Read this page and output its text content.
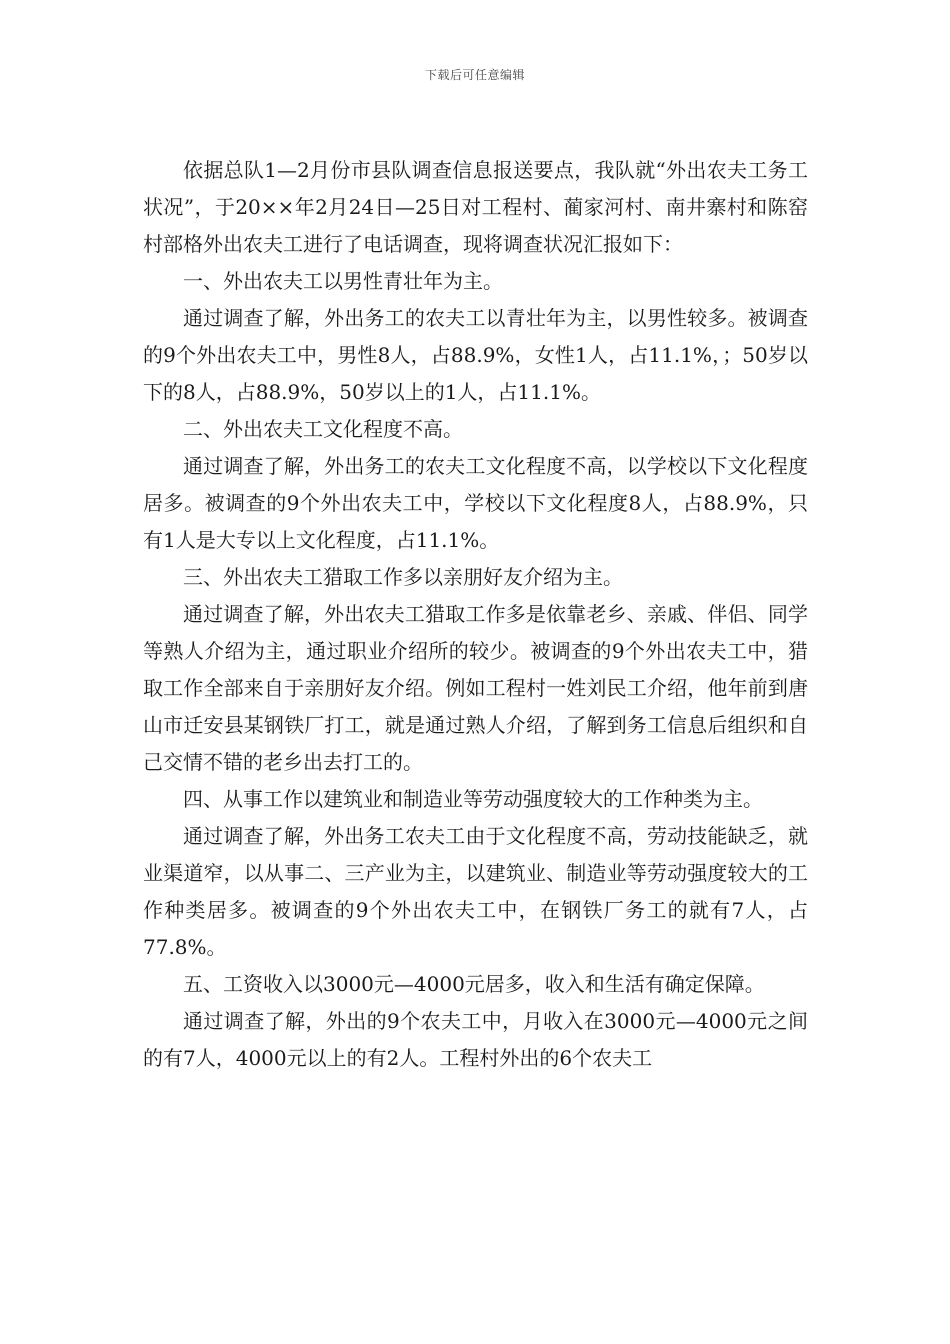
下载后可任意编辑

依据总队1—2月份市县队调查信息报送要点，我队就“外出农夫工务工状况”，于20××年2月24日—25日对工程村、蔺家河村、南井寨村和陈窑村部格外出农夫工进行了电话调查，现将调查状况汇报如下：

一、外出农夫工以男性青壮年为主。

通过调查了解，外出务工的农夫工以青壮年为主，以男性较多。被调查的9个外出农夫工中，男性8人，占88.9%，女性1人，占11.1%，；50岁以下的8人，占88.9%，50岁以上的1人，占11.1%。

二、外出农夫工文化程度不高。

通过调查了解，外出务工的农夫工文化程度不高，以学校以下文化程度居多。被调查的9个外出农夫工中，学校以下文化程度8人，占88.9%，只有1人是大专以上文化程度，占11.1%。

三、外出农夫工猎取工作多以亲朋好友介绍为主。

通过调查了解，外出农夫工猎取工作多是依靠老乡、亲戚、伴侣、同学等熟人介绍为主，通过职业介绍所的较少。被调查的9个外出农夫工中，猎取工作全部来自于亲朋好友介绍。例如工程村一姓刘民工介绍，他年前到唐山市迁安县某钢铁厂打工，就是通过熟人介绍，了解到务工信息后组织和自己交情不错的老乡出去打工的。

四、从事工作以建筑业和制造业等劳动强度较大的工作种类为主。

通过调查了解，外出务工农夫工由于文化程度不高，劳动技能缺乏，就业渠道窄，以从事二、三产业为主，以建筑业、制造业等劳动强度较大的工作种类居多。被调查的9个外出农夫工中，在钢铁厂务工的就有7人，占77.8%。

五、工资收入以3000元—4000元居多，收入和生活有确定保障。

通过调查了解，外出的9个农夫工中，月收入在3000元—4000元之间的有7人，4000元以上的有2人。工程村外出的6个农夫工
